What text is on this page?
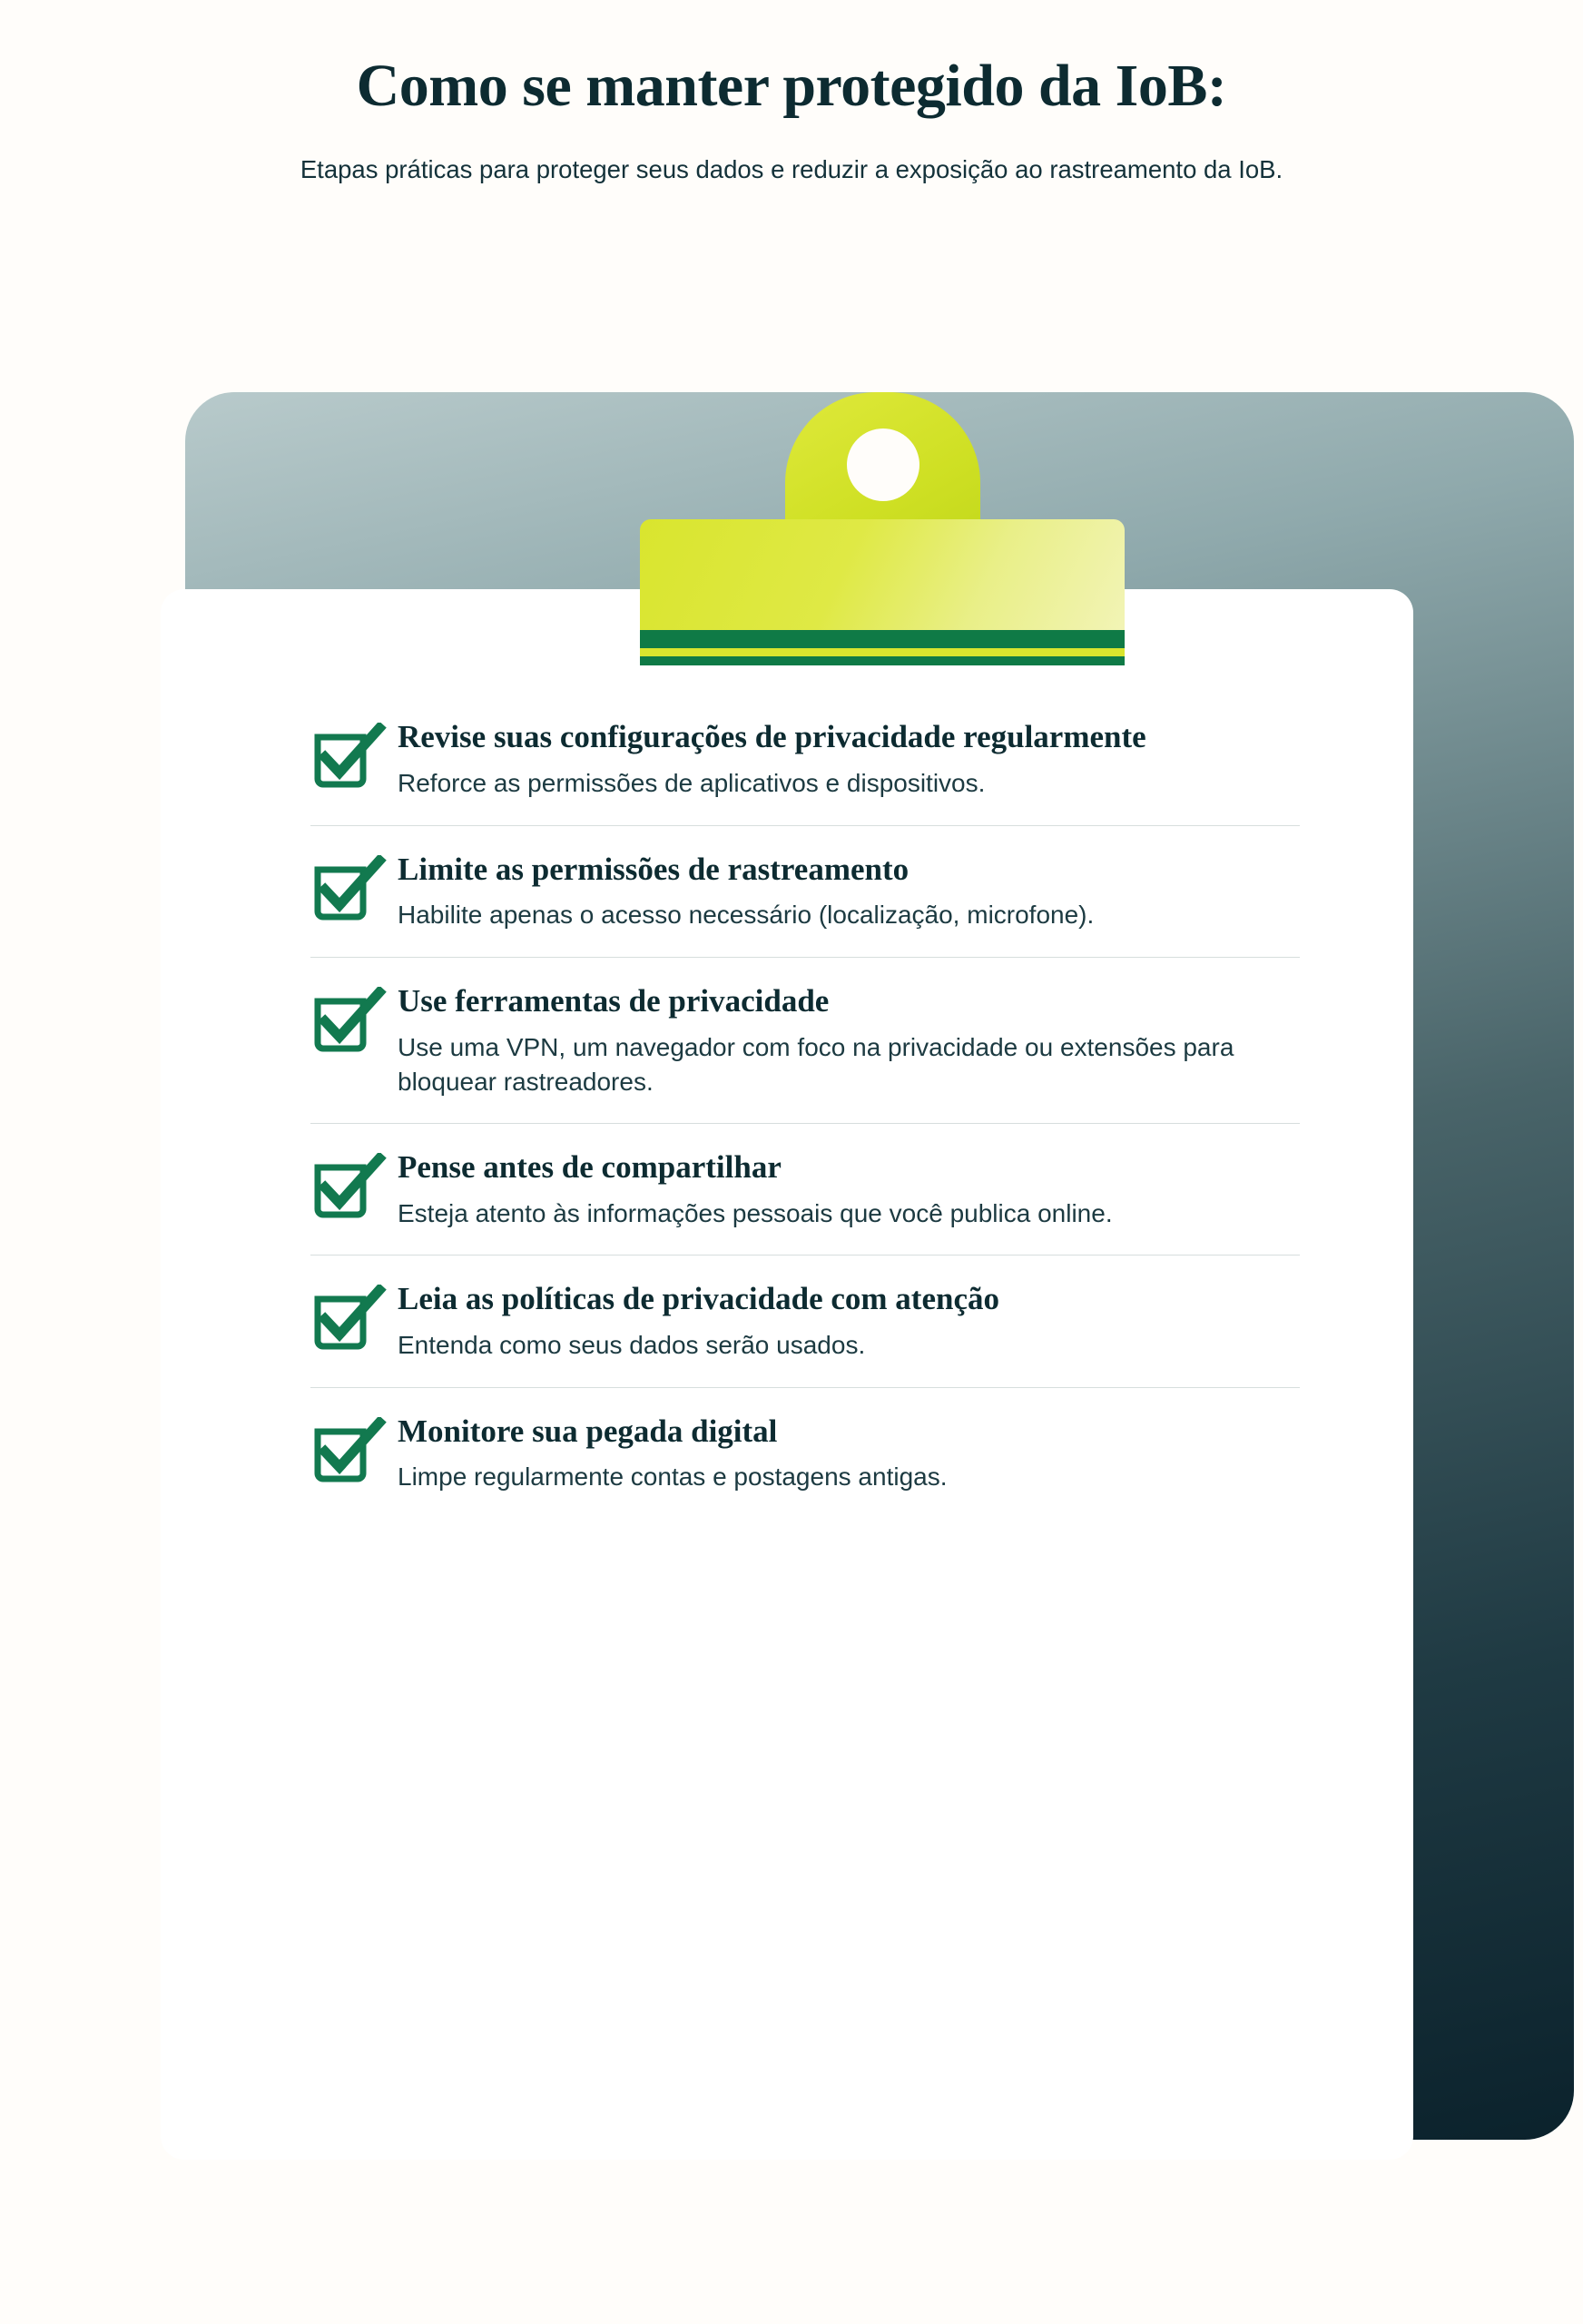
Como se manter protegido da IoB:

Etapas práticas para proteger seus dados e reduzir a exposição ao rastreamento da IoB.

Revise suas configurações de privacidade regularmente
Reforce as permissões de aplicativos e dispositivos.
Limite as permissões de rastreamento
Habilite apenas o acesso necessário (localização, microfone).
Use ferramentas de privacidade
Use uma VPN, um navegador com foco na privacidade ou extensões para bloquear rastreadores.
Pense antes de compartilhar
Esteja atento às informações pessoais que você publica online.
Leia as políticas de privacidade com atenção
Entenda como seus dados serão usados.
Monitore sua pegada digital
Limpe regularmente contas e postagens antigas.
